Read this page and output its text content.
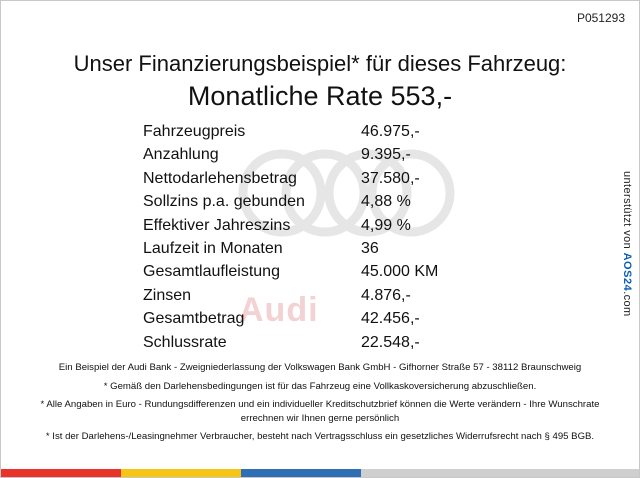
Audi
P051293
Unser Finanzierungsbeispiel* für dieses Fahrzeug:
Monatliche Rate 553,-
Fahrzeugpreis	46.975,-
Anzahlung	9.395,-
Nettodarlehensbetrag	37.580,-
Sollzins p.a. gebunden	4,88 %
Effektiver Jahreszins	4,99 %
Laufzeit in Monaten	36
Gesamtlaufleistung	45.000 KM
Zinsen	4.876,-
Gesamtbetrag	42.456,-
Schlussrate	22.548,-
unterstützt von AOS24.com

Ein Beispiel der Audi Bank - Zweigniederlassung der Volkswagen Bank GmbH - Gifhorner Straße 57 - 38112 Braunschweig

* Gemäß den Darlehensbedingungen ist für das Fahrzeug eine Vollkaskoversicherung abzuschließen.

* Alle Angaben in Euro - Rundungsdifferenzen und ein individueller Kreditschutzbrief können die Werte verändern - Ihre Wunschrate errechnen wir Ihnen gerne persönlich

* Ist der Darlehens-/Leasingnehmer Verbraucher, besteht nach Vertragsschluss ein gesetzliches Widerrufsrecht nach § 495 BGB.
